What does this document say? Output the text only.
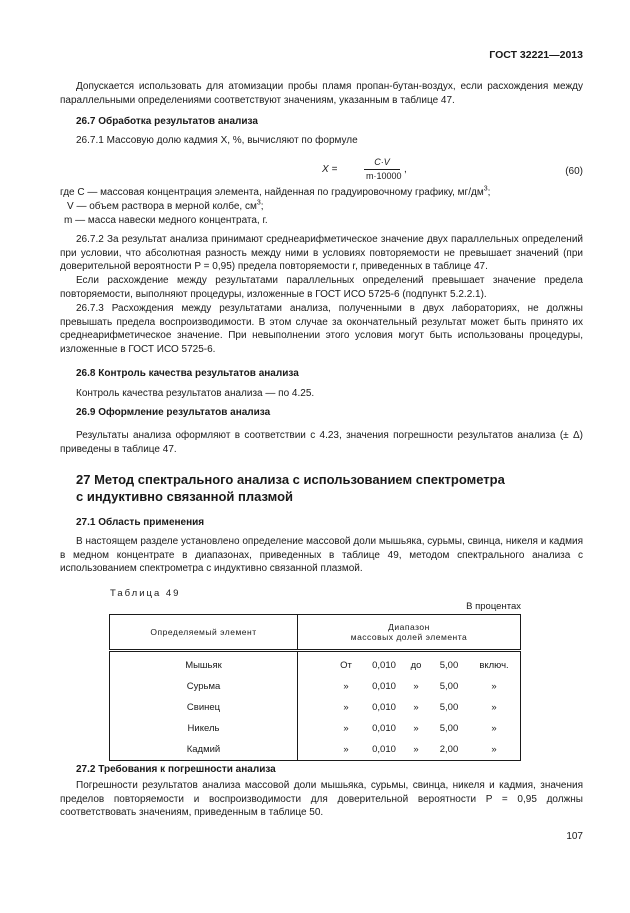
ГОСТ 32221—2013
Допускается использовать для атомизации пробы пламя пропан-бутан-воздух, если расхождения между параллельными определениями соответствуют значениям, указанным в таблице 47.
26.7 Обработка результатов анализа
26.7.1 Массовую долю кадмия X, %, вычисляют по формуле
X =
C·V
m·10000
,	(60)
где C — массовая концентрация элемента, найденная по градуировочному графику, $мг/дм^3$;
V — объем раствора в мерной колбе, $см^3$;
m — масса навески медного концентрата, г.
26.7.2 За результат анализа принимают среднеарифметическое значение двух параллельных определений при условии, что абсолютная разность между ними в условиях повторяемости не превышает значений (при доверительной вероятности P = 0,95) предела повторяемости r, приведенных в таблице 47.
Если расхождение между результатами параллельных определений превышает значение предела повторяемости, выполняют процедуры, изложенные в ГОСТ ИСО 5725-6 (подпункт 5.2.2.1).
26.7.3 Расхождения между результатами анализа, полученными в двух лабораториях, не должны превышать предела воспроизводимости. В этом случае за окончательный результат может быть принято их среднеарифметическое значение. При невыполнении этого условия могут быть использованы процедуры, изложенные в ГОСТ ИСО 5725-6.
26.8 Контроль качества результатов анализа
Контроль качества результатов анализа — по 4.25.
26.9 Оформление результатов анализа
Результаты анализа оформляют в соответствии с 4.23, значения погрешности результатов анализа (± Δ) приведены в таблице 47.
27 Метод спектрального анализа с использованием спектрометра
с индуктивно связанной плазмой
27.1 Область применения
В настоящем разделе установлено определение массовой доли мышьяка, сурьмы, свинца, никеля и кадмия в медном концентрате в диапазонах, приведенных в таблице 49, методом спектрального анализа с использованием спектрометра с индуктивно связанной плазмой.
Таблица 49
В процентах
Определяемый элемент	Диапазон
массовых долей элемента

Мышьяк	От 0,010 до 5,00 включ.

Сурьма	» 0,010 » 5,00 »

Свинец	» 0,010 » 5,00 »

Никель	» 0,010 » 5,00 »

Кадмий	» 0,010 » 2,00 »
27.2 Требования к погрешности анализа
Погрешности результатов анализа массовой доли мышьяка, сурьмы, свинца, никеля и кадмия, значения пределов повторяемости и воспроизводимости для доверительной вероятности P = 0,95 должны соответствовать значениям, приведенным в таблице 50.
107
